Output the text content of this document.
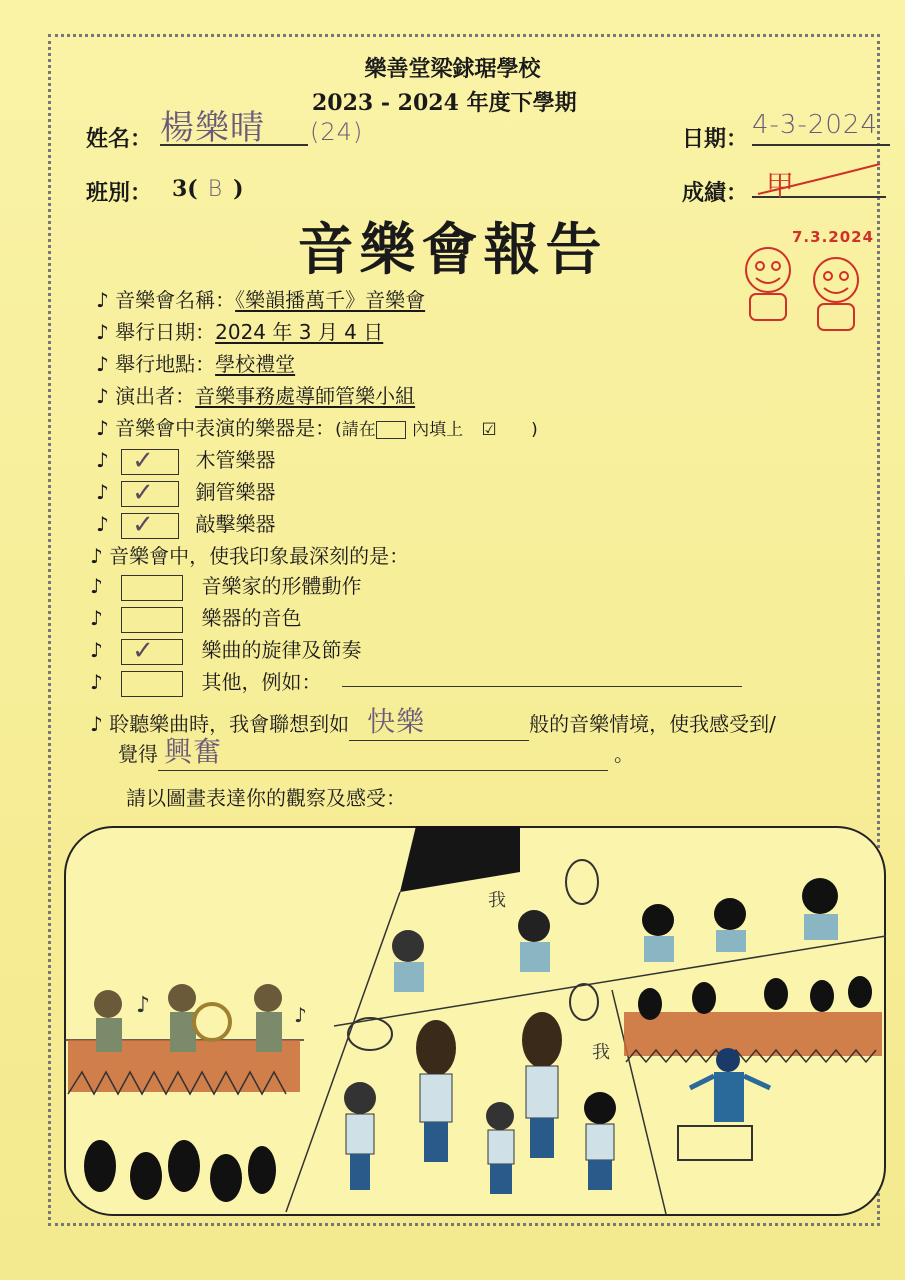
樂善堂梁銶琚學校
2023 - 2024 年度下學期
姓名： 楊樂晴	(24)	日期： 4-3-2024
班別： 3( B )	成績： 甲
7.3.2024
音樂會報告
♪ 音樂會名稱：《樂韻播萬千》音樂會
♪ 舉行日期：2024 年 3 月 4 日
♪ 舉行地點：學校禮堂
♪ 演出者：音樂事務處導師管樂小組
♪ 音樂會中表演的樂器是：(請在 內填上 ☑ )
♪ ✓ 木管樂器
♪ ✓ 銅管樂器
♪ ✓ 敲擊樂器
♪ 音樂會中，使我印象最深刻的是：
♪	音樂家的形體動作
♪	樂器的音色
♪ ✓ 樂曲的旋律及節奏
♪	其他，例如：
♪ 聆聽樂曲時，我會聯想到如 快樂	般的音樂情境，使我感受到/
覺得 興奮	。
請以圖畫表達你的觀察及感受：
♪	♪
我
我
